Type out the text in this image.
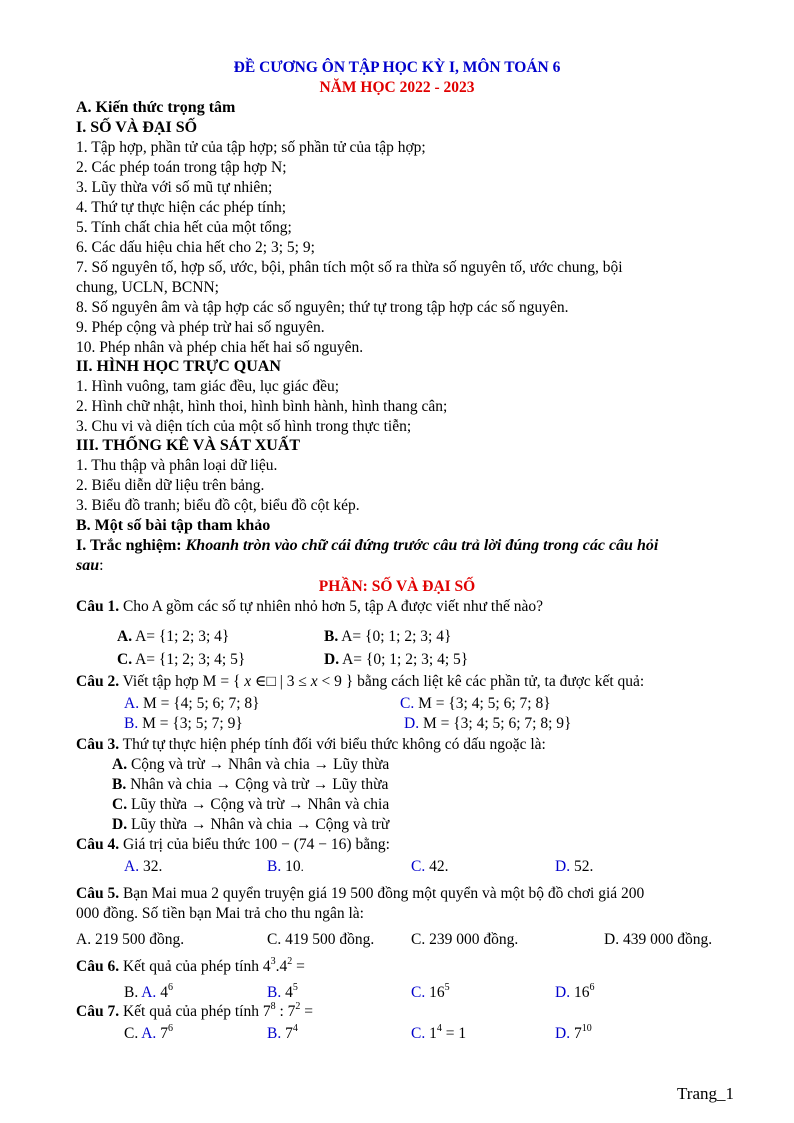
ĐỀ CƯƠNG ÔN TẬP HỌC KỲ I, MÔN TOÁN 6
NĂM HỌC 2022 - 2023
A. Kiến thức trọng tâm
I. SỐ VÀ ĐẠI SỐ
1. Tập hợp, phần tử của tập hợp; số phần tử của tập hợp;
2. Các phép toán trong tập hợp N;
3. Lũy thừa với số mũ tự nhiên;
4. Thứ tự thực hiện các phép tính;
5. Tính chất chia hết của một tổng;
6. Các dấu hiệu chia hết cho 2; 3; 5; 9;
7. Số nguyên tố, hợp số, ước, bội, phân tích một số ra thừa số nguyên tố, ước chung, bội
chung, UCLN, BCNN;
8. Số nguyên âm và tập hợp các số nguyên; thứ tự trong tập hợp các số nguyên.
9. Phép cộng và phép trừ hai số nguyên.
10. Phép nhân và phép chia hết hai số nguyên.
II. HÌNH HỌC TRỰC QUAN
1. Hình vuông, tam giác đều, lục giác đều;
2. Hình chữ nhật, hình thoi, hình bình hành, hình thang cân;
3. Chu vi và diện tích của một số hình trong thực tiễn;
III. THỐNG KÊ VÀ SÁT XUẤT
1. Thu thập và phân loại dữ liệu.
2. Biểu diễn dữ liệu trên bảng.
3. Biểu đồ tranh; biểu đồ cột, biểu đồ cột kép.
B. Một số bài tập tham khảo
I. Trắc nghiệm: Khoanh tròn vào chữ cái đứng trước câu trả lời đúng trong các câu hỏi
sau:
PHẦN: SỐ VÀ ĐẠI SỐ
Câu 1. Cho A gồm các số tự nhiên nhỏ hơn 5, tập A được viết như thế nào?
A. A= {1; 2; 3; 4}	B. A= {0; 1; 2; 3; 4}
C. A= {1; 2; 3; 4; 5}	D. A= {0; 1; 2; 3; 4; 5}
Câu 2. Viết tập hợp M = { x ∈□ | 3 ≤ x < 9 } bằng cách liệt kê các phần tử, ta được kết quả:
A. M = {4; 5; 6; 7; 8}	C. M = {3; 4; 5; 6; 7; 8}
B. M = {3; 5; 7; 9}	D. M = {3; 4; 5; 6; 7; 8; 9}
Câu 3. Thứ tự thực hiện phép tính đối với biểu thức không có dấu ngoặc là:
A. Cộng và trừ → Nhân và chia → Lũy thừa
B. Nhân và chia → Cộng và trừ → Lũy thừa
C. Lũy thừa → Cộng và trừ → Nhân và chia
D. Lũy thừa → Nhân và chia → Cộng và trừ
Câu 4. Giá trị của biểu thức 100 − (74 − 16) bằng:
A. 32.	B. 10.	C. 42.	D. 52.
Câu 5. Bạn Mai mua 2 quyển truyện giá 19 500 đồng một quyển và một bộ đồ chơi giá 200
000 đồng. Số tiền bạn Mai trả cho thu ngân là:
A. 219 500 đồng.	C. 419 500 đồng. C. 239 000 đồng.	D. 439 000 đồng.
Câu 6. Kết quả của phép tính $4^3.4^2$ =
B. A. $4^6$	B. $4^5$	C. $16^5$	D. $16^6$
Câu 7. Kết quả của phép tính $7^8$ : $7^2$ =
C. A. $7^6$	B. $7^4$	C. $1^4 = 1$	D. $7^{10}$
Trang_1
